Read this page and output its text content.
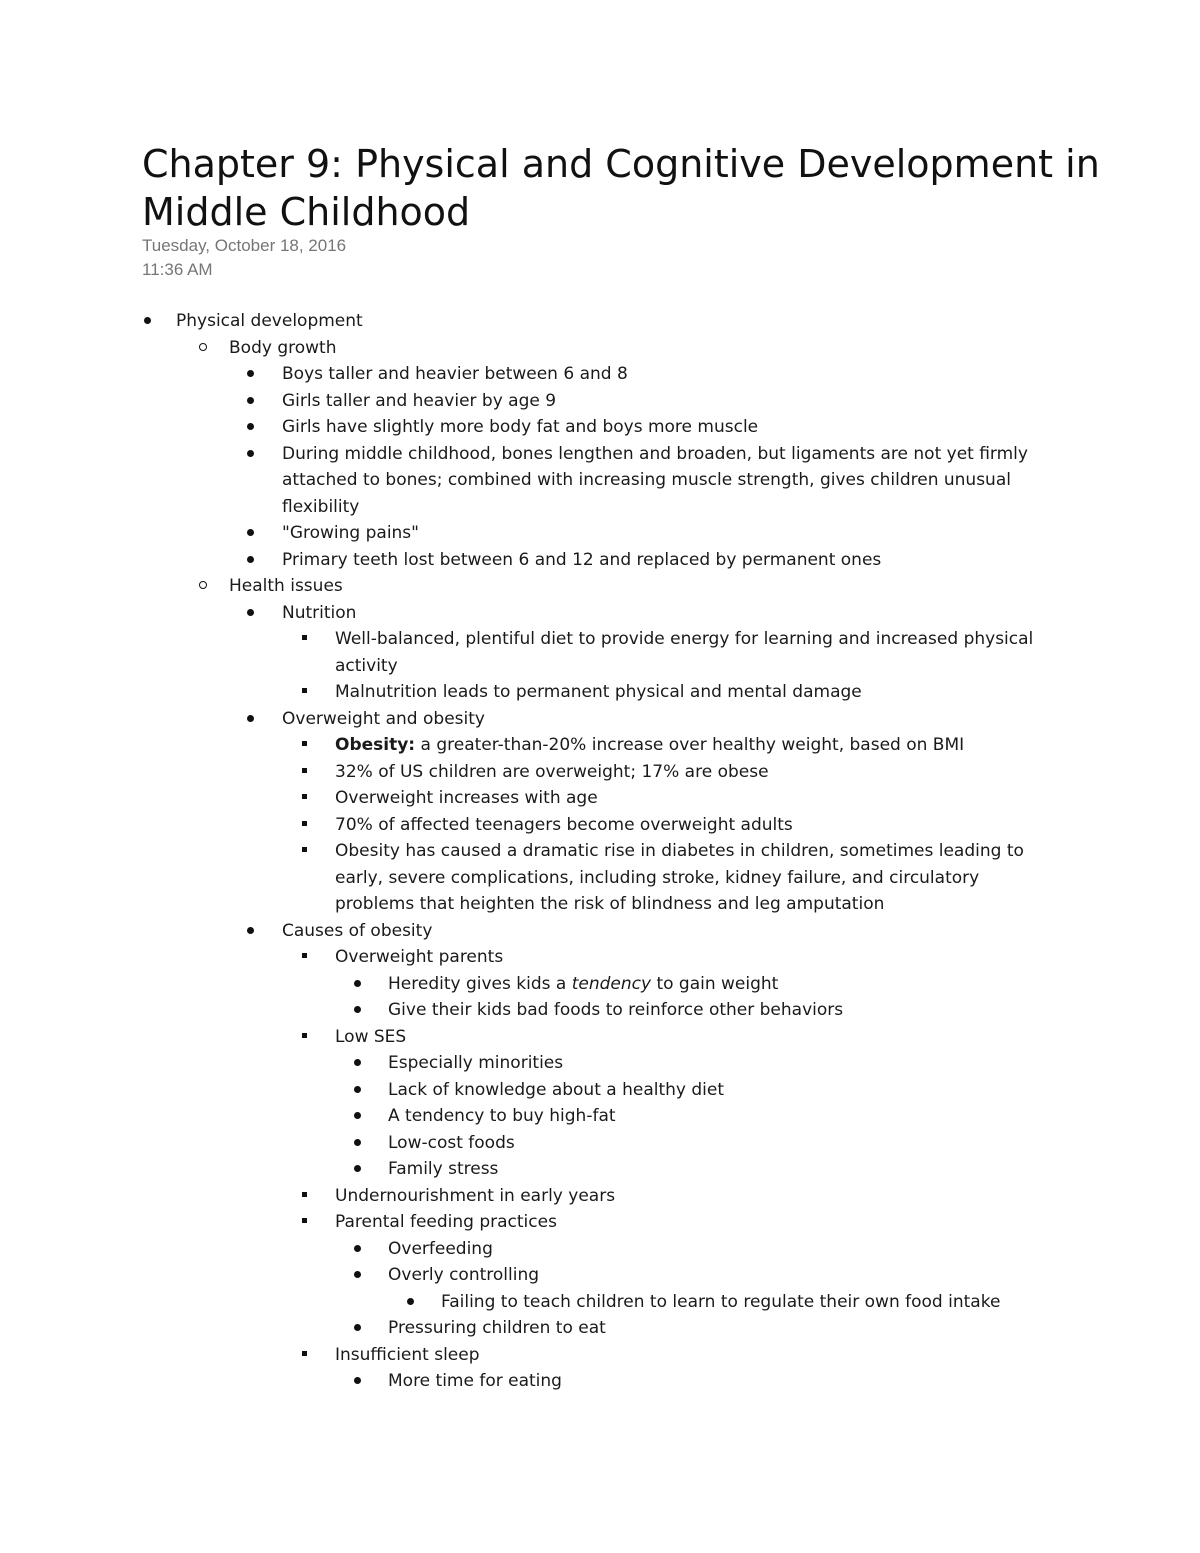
Chapter 9: Physical and Cognitive Development in Middle Childhood
Tuesday, October 18, 2016
11:36 AM
Physical development
Body growth
Boys taller and heavier between 6 and 8
Girls taller and heavier by age 9
Girls have slightly more body fat and boys more muscle
During middle childhood, bones lengthen and broaden, but ligaments are not yet firmly attached to bones; combined with increasing muscle strength, gives children unusual flexibility
"Growing pains"
Primary teeth lost between 6 and 12 and replaced by permanent ones
Health issues
Nutrition
Well-balanced, plentiful diet to provide energy for learning and increased physical activity
Malnutrition leads to permanent physical and mental damage
Overweight and obesity
Obesity: a greater-than-20% increase over healthy weight, based on BMI
32% of US children are overweight; 17% are obese
Overweight increases with age
70% of affected teenagers become overweight adults
Obesity has caused a dramatic rise in diabetes in children, sometimes leading to early, severe complications, including stroke, kidney failure, and circulatory problems that heighten the risk of blindness and leg amputation
Causes of obesity
Overweight parents
Heredity gives kids a tendency to gain weight
Give their kids bad foods to reinforce other behaviors
Low SES
Especially minorities
Lack of knowledge about a healthy diet
A tendency to buy high-fat
Low-cost foods
Family stress
Undernourishment in early years
Parental feeding practices
Overfeeding
Overly controlling
Failing to teach children to learn to regulate their own food intake
Pressuring children to eat
Insufficient sleep
More time for eating
